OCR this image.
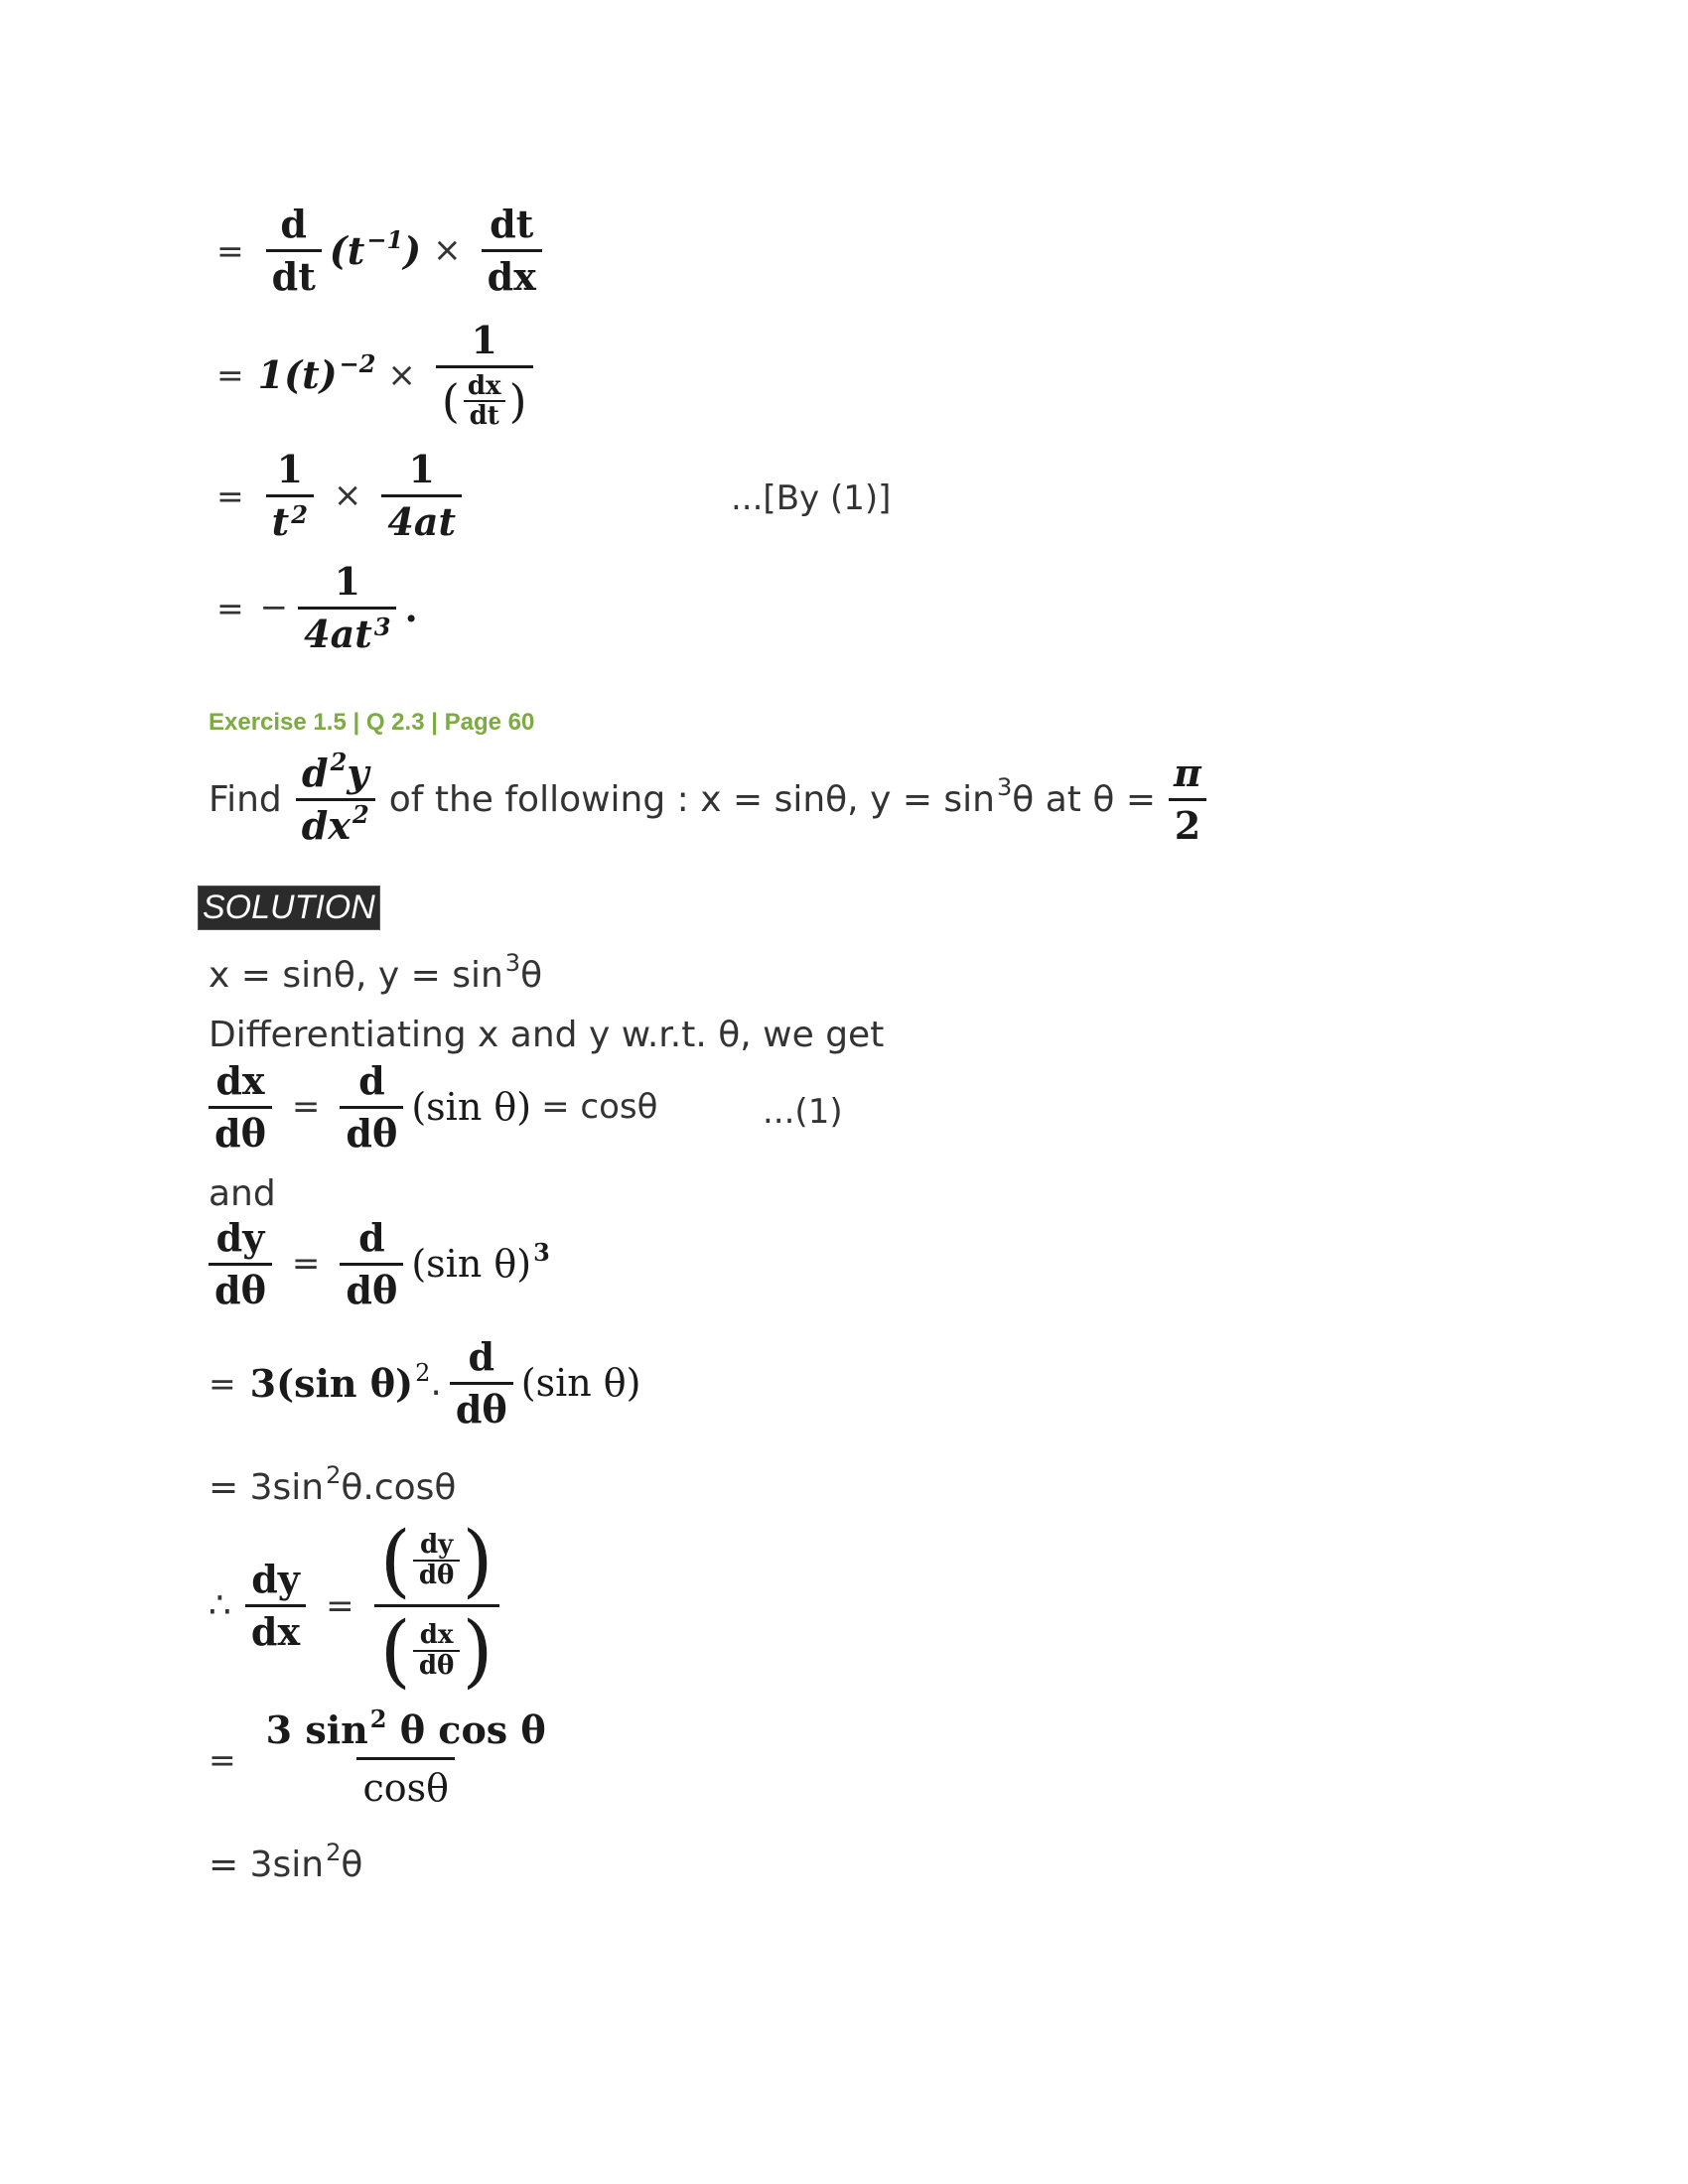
= $\frac{d}{dt} (t^{-1}) \times \frac{dt}{dx}$
= $1(t)^{-2} \times \frac{1}{( \frac{dx}{dt} )}$
= $\frac{1}{t^2} \times \frac{1}{4at}$	...[By (1)]
= − $\frac{1}{4at^3}$ .
Exercise 1.5 | Q 2.3 | Page 60
Find $\frac{d^2y}{dx^2}$ of the following : x = sinθ, $y = \sin^3\theta$ at $\theta = \frac{\pi}{2}$
SOLUTION
x = sinθ, $y = \sin^3\theta$
Differentiating x and y w.r.t. θ, we get
$\frac{dx}{d\theta} = \frac{d}{d\theta} (\sin$ θ) = cosθ	...(1)
and
$\frac{dy}{d\theta} = \frac{d}{d\theta} (\sin$ θ)$^3$
= 3(sin θ)$^2$ . $\frac{d}{d\theta} (\sin$ θ)
= $3\sin^2\theta.\cos\theta$
∴ $\frac{dy}{dx} = \frac{( \frac{dy}{d\theta} )}{( \frac{dx}{d\theta} )}$
= $\frac{3 \sin^2 \theta \cos \theta}{\cos\theta}$
= $3\sin^2\theta$
